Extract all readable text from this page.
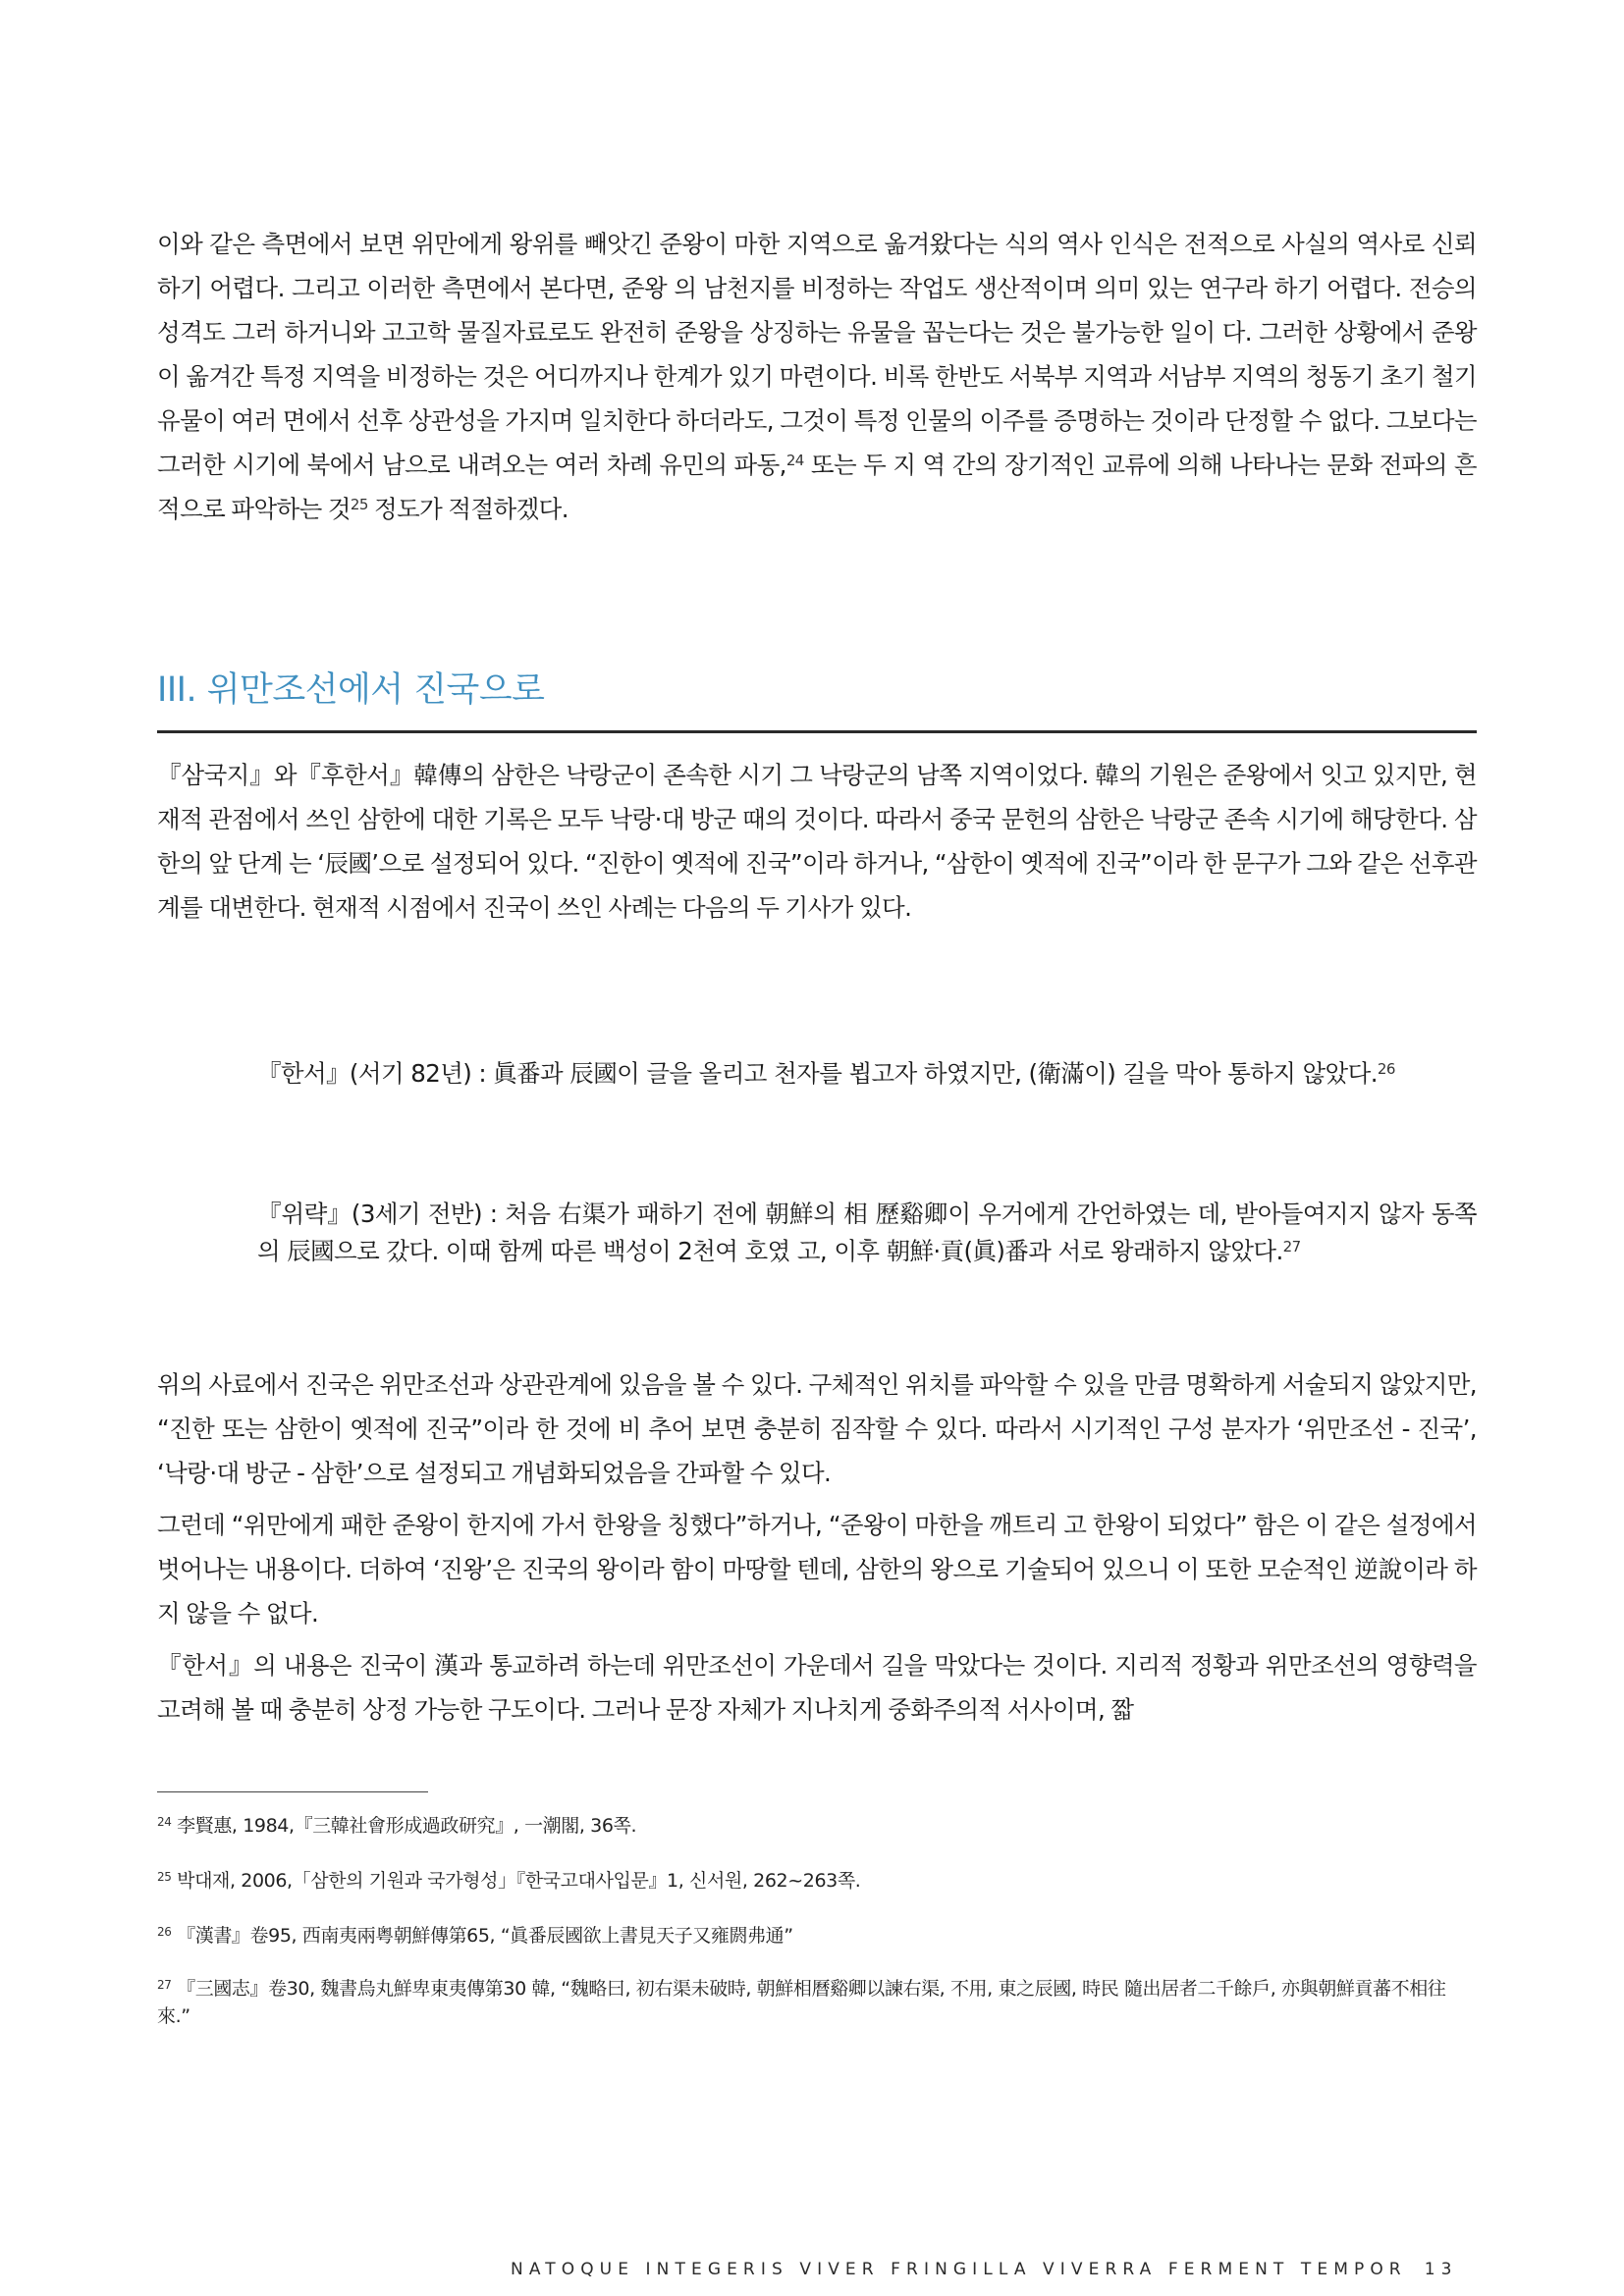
이와 같은 측면에서 보면 위만에게 왕위를 빼앗긴 준왕이 마한 지역으로 옮겨왔다는 식의 역사 인식은 전적으로 사실의 역사로 신뢰하기 어렵다. 그리고 이러한 측면에서 본다면, 준왕 의 남천지를 비정하는 작업도 생산적이며 의미 있는 연구라 하기 어렵다. 전승의 성격도 그러 하거니와 고고학 물질자료로도 완전히 준왕을 상징하는 유물을 꼽는다는 것은 불가능한 일이 다. 그러한 상황에서 준왕이 옮겨간 특정 지역을 비정하는 것은 어디까지나 한계가 있기 마련이다. 비록 한반도 서북부 지역과 서남부 지역의 청동기 초기 철기 유물이 여러 면에서 선후 상관성을 가지며 일치한다 하더라도, 그것이 특정 인물의 이주를 증명하는 것이라 단정할 수 없다. 그보다는 그러한 시기에 북에서 남으로 내려오는 여러 차례 유민의 파동,$^{24}$ 또는 두 지 역 간의 장기적인 교류에 의해 나타나는 문화 전파의 흔적으로 파악하는 것$^{25}$ 정도가 적절하겠다.

III. 위만조선에서 진국으로

『삼국지』와『후한서』韓傳의 삼한은 낙랑군이 존속한 시기 그 낙랑군의 남쪽 지역이었다. 韓의 기원은 준왕에서 잇고 있지만, 현재적 관점에서 쓰인 삼한에 대한 기록은 모두 낙랑·대 방군 때의 것이다. 따라서 중국 문헌의 삼한은 낙랑군 존속 시기에 해당한다. 삼한의 앞 단계 는 ‘辰國’으로 설정되어 있다. “진한이 옛적에 진국”이라 하거나, “삼한이 옛적에 진국”이라 한 문구가 그와 같은 선후관계를 대변한다. 현재적 시점에서 진국이 쓰인 사례는 다음의 두 기사가 있다.

『한서』(서기 82년) : 眞番과 辰國이 글을 올리고 천자를 뵙고자 하였지만, (衛滿이) 길을 막아 통하지 않았다.$^{26}$

『위략』(3세기 전반) : 처음 右渠가 패하기 전에 朝鮮의 相 歷谿卿이 우거에게 간언하였는 데, 받아들여지지 않자 동쪽의 辰國으로 갔다. 이때 함께 따른 백성이 2천여 호였 고, 이후 朝鮮·貢(眞)番과 서로 왕래하지 않았다.$^{27}$

위의 사료에서 진국은 위만조선과 상관관계에 있음을 볼 수 있다. 구체적인 위치를 파악할 수 있을 만큼 명확하게 서술되지 않았지만, “진한 또는 삼한이 옛적에 진국”이라 한 것에 비 추어 보면 충분히 짐작할 수 있다. 따라서 시기적인 구성 분자가 ‘위만조선 - 진국’, ‘낙랑·대 방군 - 삼한’으로 설정되고 개념화되었음을 간파할 수 있다.

그런데 “위만에게 패한 준왕이 한지에 가서 한왕을 칭했다”하거나, “준왕이 마한을 깨트리 고 한왕이 되었다” 함은 이 같은 설정에서 벗어나는 내용이다. 더하여 ‘진왕’은 진국의 왕이라 함이 마땅할 텐데, 삼한의 왕으로 기술되어 있으니 이 또한 모순적인 逆說이라 하지 않을 수 없다.

『한서』의 내용은 진국이 漢과 통교하려 하는데 위만조선이 가운데서 길을 막았다는 것이다. 지리적 정황과 위만조선의 영향력을 고려해 볼 때 충분히 상정 가능한 구도이다. 그러나 문장 자체가 지나치게 중화주의적 서사이며, 짧

$^{24}$ 李賢惠, 1984,『三韓社會形成過政研究』, 一潮閣, 36쪽.

$^{25}$ 박대재, 2006,「삼한의 기원과 국가형성」『한국고대사입문』1, 신서원, 262~263쪽.

$^{26}$ 『漢書』卷95, 西南夷兩粤朝鮮傳第65, “眞番辰國欲上書見天子又雍閼弗通”

$^{27}$ 『三國志』卷30, 魏書烏丸鮮卑東夷傳第30 韓, “魏略曰, 初右渠未破時, 朝鮮相曆谿卿以諫右渠, 不用, 東之辰國, 時民 隨出居者二千餘戶, 亦與朝鮮貢蕃不相往來.”

NATOQUE INTEGERIS VIVER FRINGILLA VIVERRA FERMENT TEMPOR 13
